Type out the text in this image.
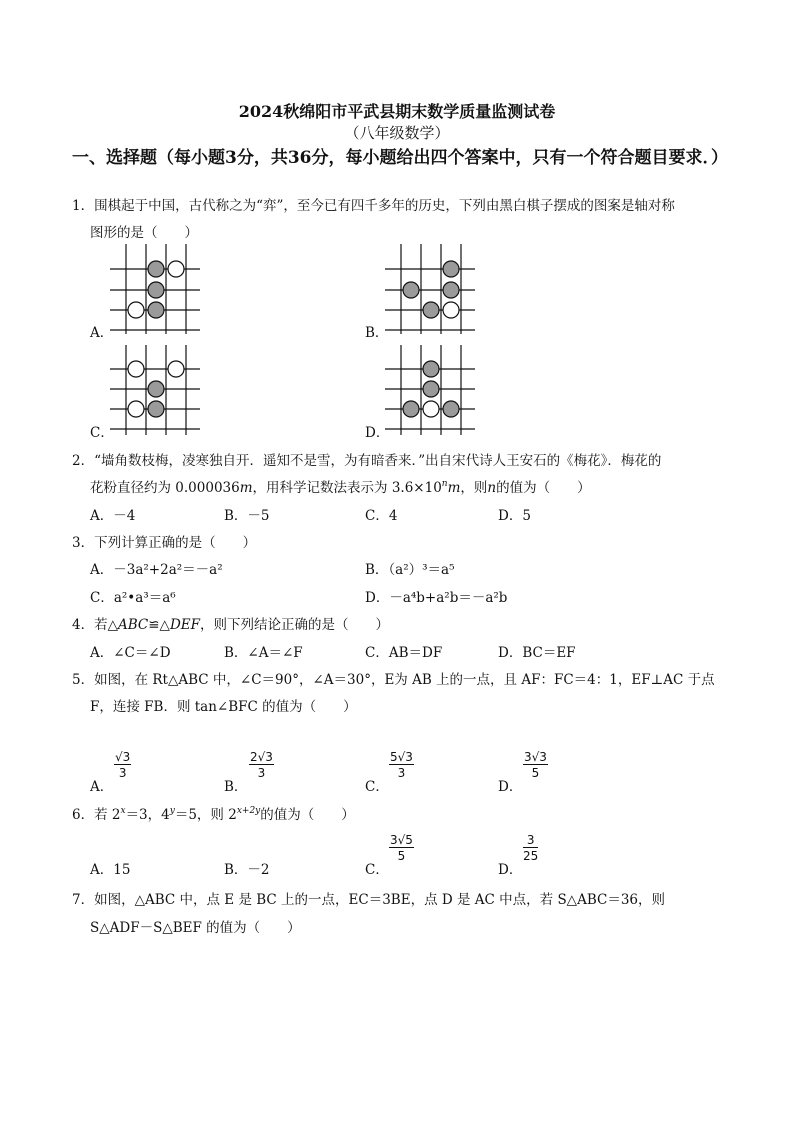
2024秋绵阳市平武县期末数学质量监测试卷
（八年级数学）
一、选择题（每小题3分，共36分，每小题给出四个答案中，只有一个符合题目要求．）
1．围棋起于中国，古代称之为“弈”，至今已有四千多年的历史，下列由黑白棋子摆成的图案是轴对称
图形的是（　　）
A．	B．
C．	D．
2．“墙角数枝梅，凌寒独自开．遥知不是雪，为有暗香来．”出自宋代诗人王安石的《梅花》．梅花的
花粉直径约为 0.000036m，用科学记数法表示为 $3.6\times 10^nm$，则n的值为（　　）
A．－4	B．－5	C．4	D．5
3．下列计算正确的是（　　）
A．－3a²+2a²＝－a²	B．（a²）³＝a⁵
C．a²•a³＝a⁶	D．－a⁴b+a²b＝－a²b
4．若△ABC≌△DEF，则下列结论正确的是（　　）
A．∠C＝∠D	B．∠A＝∠F	C．AB＝DF	D．BC＝EF
5．如图，在 Rt△ABC 中，∠C＝90°，∠A＝30°，E为 AB 上的一点，且 AF：FC＝4：1，EF⊥AC 于点
F，连接 FB．则 tan∠BFC 的值为（　　）
A．
$\frac{√3}{3}$
B．
$\frac{2√3}{3}$
C．
$\frac{5√3}{3}$
D．
$\frac{3√3}{5}$
6．若 $2^x=3$，$4^y=5$，则 $2^{x+2y}$的值为（　　）
A．15	B．－2	C．
$\frac{3√5}{5}$
D．
$\frac{3}{25}$
7．如图，△ABC 中，点 E 是 BC 上的一点，EC＝3BE，点 D 是 AC 中点，若 S△ABC＝36，则
S△ADF－S△BEF 的值为（　　）
